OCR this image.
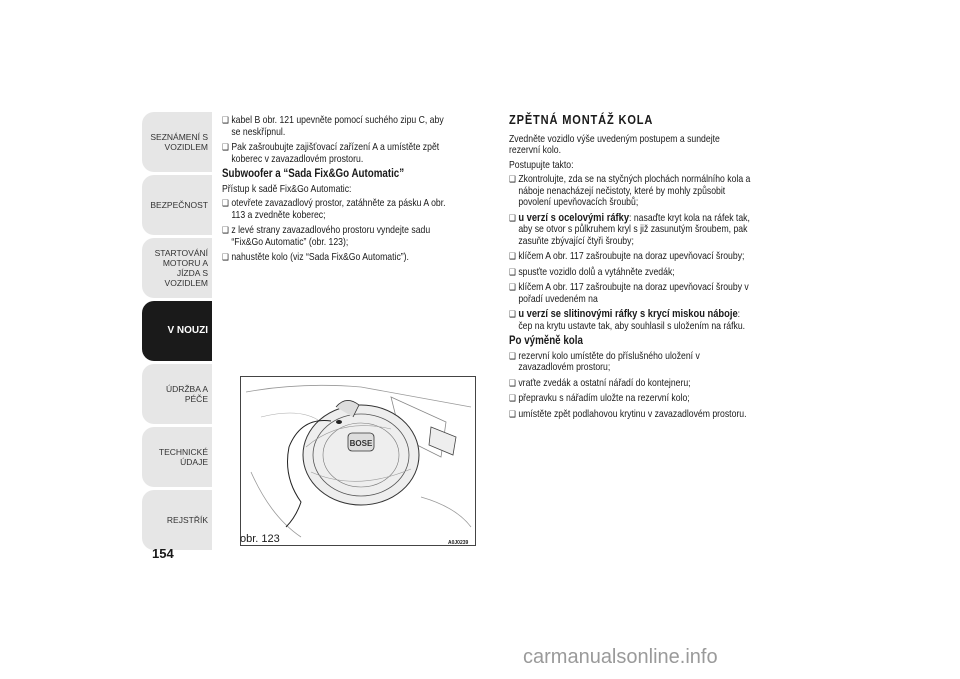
SEZNÁMENÍ S VOZIDLEM
BEZPEČNOST
STARTOVÁNÍ MOTORU A JÍZDA S VOZIDLEM
V NOUZI
ÚDRŽBA A PÉČE
TECHNICKÉ ÚDAJE
REJSTŘÍK
154
❑ kabel B obr. 121 upevněte pomocí suchého zipu C, aby se neskřípnul.
❑ Pak zašroubujte zajišťovací zařízení A a umístěte zpět koberec v zavazadlovém prostoru.
Subwoofer a “Sada Fix&Go Automatic”
Přístup k sadě Fix&Go Automatic:
❑ otevřete zavazadlový prostor, zatáhněte za pásku A obr. 113 a zvedněte koberec;
❑ z levé strany zavazadlového prostoru vyndejte sadu “Fix&Go Automatic” (obr. 123);
❑ nahustěte kolo (viz “Sada Fix&Go Automatic”).
BOSE
obr. 123	A0J0239
ZPĚTNÁ MONTÁŽ KOLA
Zvedněte vozidlo výše uvedeným postupem a sundejte rezervní kolo.
Postupujte takto:
❑ Zkontrolujte, zda se na styčných plochách normálního kola a náboje nenacházejí nečistoty, které by mohly způsobit povolení upevňovacích šroubů;
❑ u verzí s ocelovými ráfky: nasaďte kryt kola na ráfek tak, aby se otvor s půlkruhem kryl s již zasunutým šroubem, pak zasuňte zbývající čtyři šrouby;
❑ klíčem A obr. 117 zašroubujte na doraz upevňovací šrouby;
❑ spusťte vozidlo dolů a vytáhněte zvedák;
❑ klíčem A obr. 117 zašroubujte na doraz upevňovací šrouby v pořadí uvedeném na
❑ u verzí se slitinovými ráfky s krycí miskou náboje: čep na krytu ustavte tak, aby souhlasil s uložením na ráfku.
Po výměně kola
❑ rezervní kolo umístěte do příslušného uložení v zavazadlovém prostoru;
❑ vraťte zvedák a ostatní nářadí do kontejneru;
❑ přepravku s nářadím uložte na rezervní kolo;
❑ umístěte zpět podlahovou krytinu v zavazadlovém prostoru.
carmanualsonline.info
